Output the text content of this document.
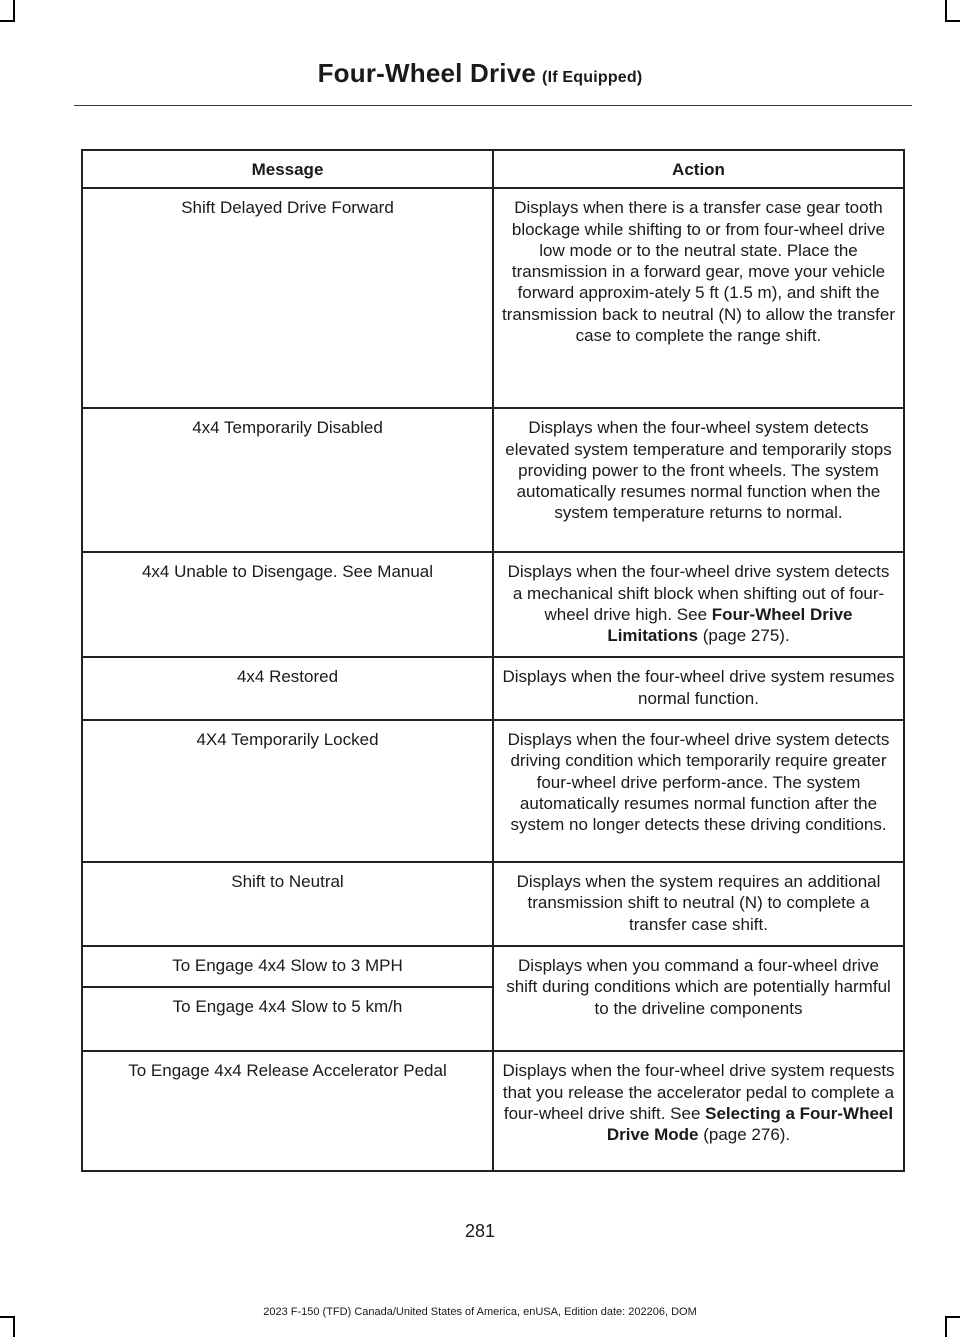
Four-Wheel Drive (If Equipped)
Message	Action
Shift Delayed Drive Forward	Displays when there is a transfer case gear tooth blockage while shifting to or from four-wheel drive low mode or to the neutral state. Place the transmission in a forward gear, move your vehicle forward approxim-ately 5 ft (1.5 m), and shift the transmission back to neutral (N) to allow the transfer case to complete the range shift.
4x4 Temporarily Disabled	Displays when the four-wheel system detects elevated system temperature and temporarily stops providing power to the front wheels. The system automatically resumes normal function when the system temperature returns to normal.
4x4 Unable to Disengage. See Manual	Displays when the four-wheel drive system detects a mechanical shift block when shifting out of four-wheel drive high. See Four-Wheel Drive Limitations (page 275).
4x4 Restored	Displays when the four-wheel drive system resumes normal function.
4X4 Temporarily Locked	Displays when the four-wheel drive system detects driving condition which temporarily require greater four-wheel drive perform-ance. The system automatically resumes normal function after the system no longer detects these driving conditions.
Shift to Neutral	Displays when the system requires an additional transmission shift to neutral (N) to complete a transfer case shift.
To Engage 4x4 Slow to 3 MPH	Displays when you command a four-wheel drive shift during conditions which are potentially harmful to the driveline components
To Engage 4x4 Slow to 5 km/h	
To Engage 4x4 Release Accelerator Pedal	Displays when the four-wheel drive system requests that you release the accelerator pedal to complete a four-wheel drive shift. See Selecting a Four-Wheel Drive Mode (page 276).
281
2023 F-150 (TFD) Canada/United States of America, enUSA, Edition date: 202206, DOM
